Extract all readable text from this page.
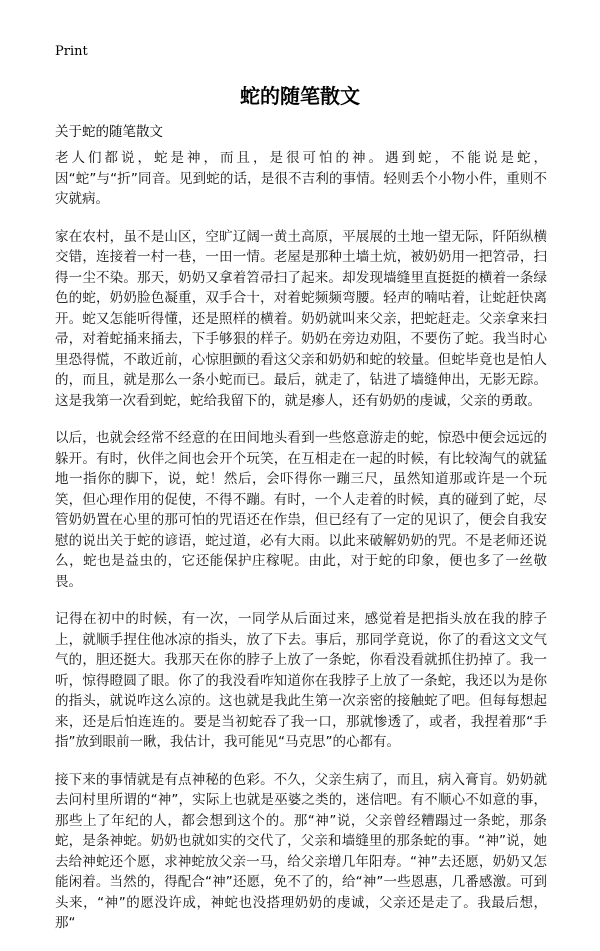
Print
蛇的随笔散文
关于蛇的随笔散文

老人们都说，蛇是神，而且，是很可怕的神。遇到蛇，不能说是蛇，因“蛇”与“折”同音。见到蛇的话，是很不吉利的事情。轻则丢个小物小件，重则不灾就病。

家在农村，虽不是山区，空旷辽阔一黄土高原，平展展的土地一望无际，阡陌纵横交错，连接着一村一巷，一田一情。老屋是那种土墙土炕，被奶奶用一把笤帚，扫得一尘不染。那天，奶奶又拿着笤帚扫了起来。却发现墙缝里直挺挺的横着一条绿色的蛇，奶奶脸色凝重，双手合十，对着蛇频频弯腰。轻声的喃咕着，让蛇赶快离开。蛇又怎能听得懂，还是照样的横着。奶奶就叫来父亲，把蛇赶走。父亲拿来扫帚，对着蛇捅来捅去，下手够狠的样子。奶奶在旁边劝阻，不要伤了蛇。我当时心里恐得慌，不敢近前，心惊胆颤的看这父亲和奶奶和蛇的较量。但蛇毕竟也是怕人的，而且，就是那么一条小蛇而已。最后，就走了，钻进了墙缝伸出，无影无踪。这是我第一次看到蛇，蛇给我留下的，就是瘆人，还有奶奶的虔诚，父亲的勇敢。

以后，也就会经常不经意的在田间地头看到一些悠意游走的蛇，惊恐中便会远远的躲开。有时，伙伴之间也会开个玩笑，在互相走在一起的时候，有比较淘气的就猛地一指你的脚下，说，蛇！然后，会吓得你一蹦三尺，虽然知道那或许是一个玩笑，但心理作用的促使，不得不蹦。有时，一个人走着的时候，真的碰到了蛇，尽管奶奶置在心里的那可怕的咒语还在作祟，但已经有了一定的见识了，便会自我安慰的说出关于蛇的谚语，蛇过道，必有大雨。以此来破解奶奶的咒。不是老师还说么，蛇也是益虫的，它还能保护庄稼呢。由此，对于蛇的印象，便也多了一丝敬畏。

记得在初中的时候，有一次，一同学从后面过来，感觉着是把指头放在我的脖子上，就顺手捏住他冰凉的指头，放了下去。事后，那同学竟说，你了的看这文文气气的，胆还挺大。我那天在你的脖子上放了一条蛇，你看没看就抓住扔掉了。我一听，惊得瞪圆了眼。你了的我没看咋知道你在我脖子上放了一条蛇，我还以为是你的指头，就说咋这么凉的。这也就是我此生第一次亲密的接触蛇了吧。但每每想起来，还是后怕连连的。要是当初蛇吞了我一口，那就惨透了，或者，我捏着那“手指”放到眼前一瞅，我估计，我可能见“马克思”的心都有。

接下来的事情就是有点神秘的色彩。不久，父亲生病了，而且，病入膏肓。奶奶就去问村里所谓的“神”，实际上也就是巫婆之类的，迷信吧。有不顺心不如意的事，那些上了年纪的人，都会想到这个的。那“神”说，父亲曾经糟蹋过一条蛇，那条蛇，是条神蛇。奶奶也就如实的交代了，父亲和墙缝里的那条蛇的事。“神”说，她去给神蛇还个愿，求神蛇放父亲一马，给父亲增几年阳寿。“神”去还愿，奶奶又怎能闲着。当然的，得配合“神”还愿，免不了的，给“神”一些恩惠，几番感激。可到头来，“神”的愿没许成，神蛇也没搭理奶奶的虔诚，父亲还是走了。我最后想，那“
